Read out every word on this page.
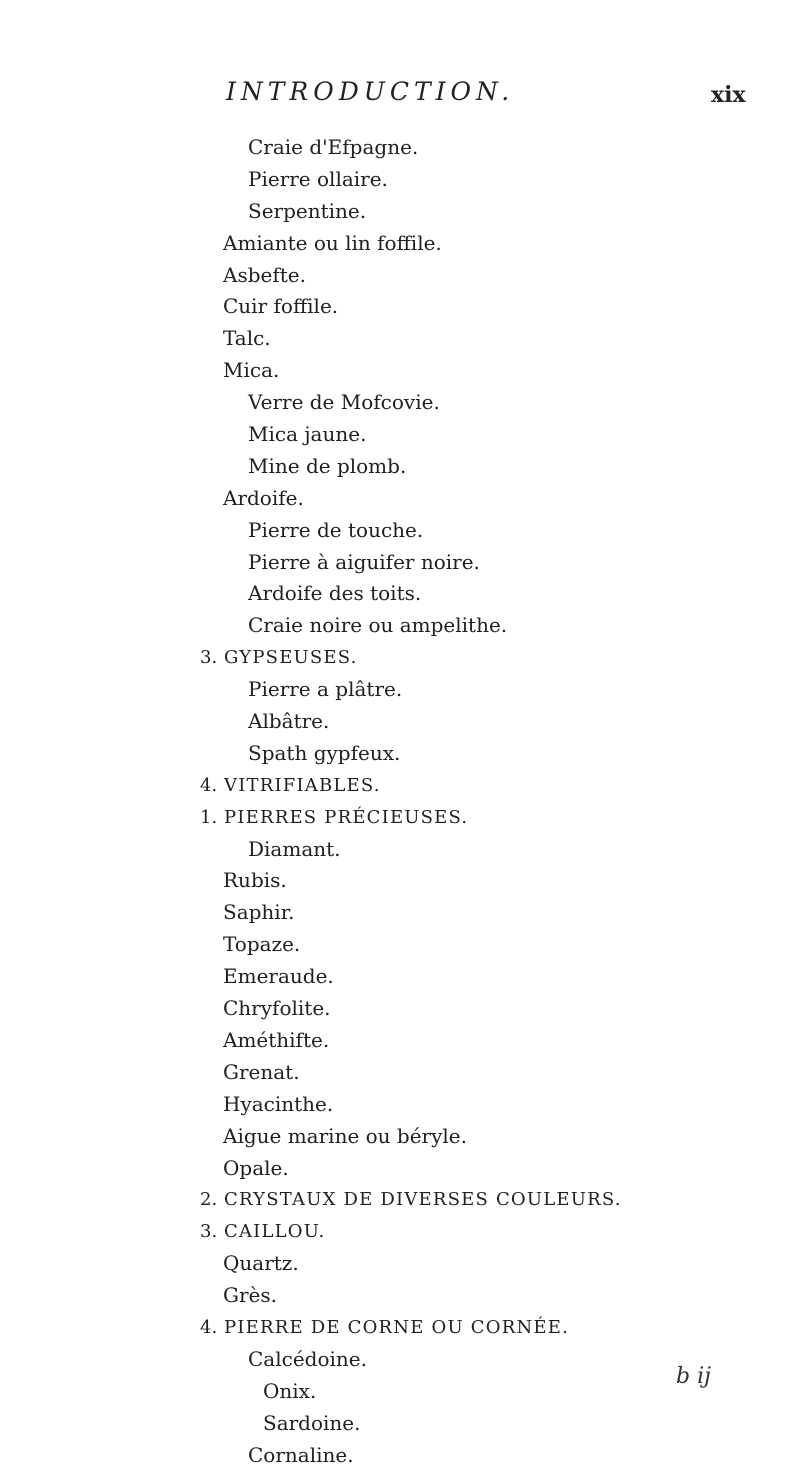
INTRODUCTION.	xix
Craie d'Efpagne.
Pierre ollaire.
Serpentine.
Amiante ou lin foffile.
Asbefte.
Cuir foffile.
Talc.
Mica.
Verre de Mofcovie.
Mica jaune.
Mine de plomb.
Ardoife.
Pierre de touche.
Pierre à aiguifer noire.
Ardoife des toits.
Craie noire ou ampelithe.
3. GYPSEUSES.
Pierre a plâtre.
Albâtre.
Spath gypfeux.
4. VITRIFIABLES.
1. PIERRES PRÉCIEUSES.
Diamant.
Rubis.
Saphir.
Topaze.
Emeraude.
Chryfolite.
Améthifte.
Grenat.
Hyacinthe.
Aigue marine ou béryle.
Opale.
2. CRYSTAUX DE DIVERSES COULEURS.
3. CAILLOU.
Quartz.
Grès.
4. PIERRE DE CORNE OU CORNÉE.
Calcédoine.
Onix.
Sardoine.
Cornaline.
b ij
